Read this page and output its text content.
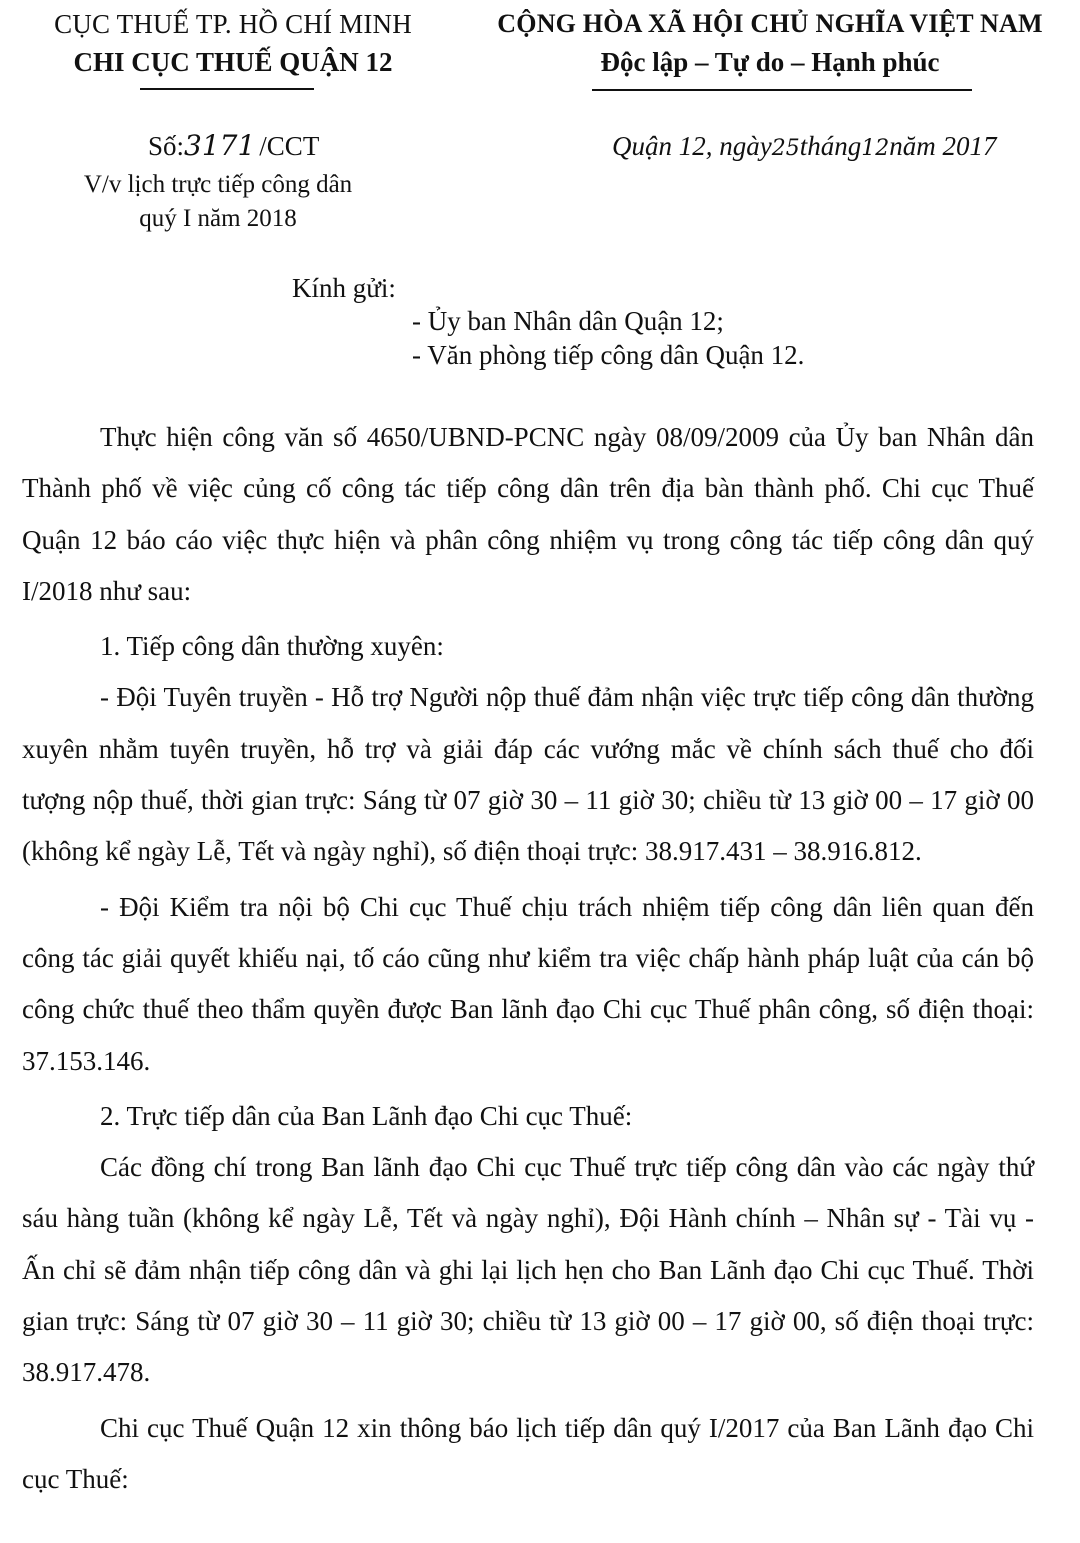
CỤC THUẾ TP. HỒ CHÍ MINH
CHI CỤC THUẾ QUẬN 12
CỘNG HÒA XÃ HỘI CHỦ NGHĨA VIỆT NAM
Độc lập – Tự do – Hạnh phúc
Số:3171 /CCT
V/v lịch trực tiếp công dân
quý I năm 2018
Quận 12, ngày25tháng12năm 2017
Kính gửi:
- Ủy ban Nhân dân Quận 12;
- Văn phòng tiếp công dân Quận 12.

Thực hiện công văn số 4650/UBND-PCNC ngày 08/09/2009 của Ủy ban Nhân dân Thành phố về việc củng cố công tác tiếp công dân trên địa bàn thành phố. Chi cục Thuế Quận 12 báo cáo việc thực hiện và phân công nhiệm vụ trong công tác tiếp công dân quý I/2018 như sau:

1. Tiếp công dân thường xuyên:

- Đội Tuyên truyền - Hỗ trợ Người nộp thuế đảm nhận việc trực tiếp công dân thường xuyên nhằm tuyên truyền, hỗ trợ và giải đáp các vướng mắc về chính sách thuế cho đối tượng nộp thuế, thời gian trực: Sáng từ 07 giờ 30 – 11 giờ 30; chiều từ 13 giờ 00 – 17 giờ 00 (không kể ngày Lễ, Tết và ngày nghỉ), số điện thoại trực: 38.917.431 – 38.916.812.

- Đội Kiểm tra nội bộ Chi cục Thuế chịu trách nhiệm tiếp công dân liên quan đến công tác giải quyết khiếu nại, tố cáo cũng như kiểm tra việc chấp hành pháp luật của cán bộ công chức thuế theo thẩm quyền được Ban lãnh đạo Chi cục Thuế phân công, số điện thoại: 37.153.146.

2. Trực tiếp dân của Ban Lãnh đạo Chi cục Thuế:

Các đồng chí trong Ban lãnh đạo Chi cục Thuế trực tiếp công dân vào các ngày thứ sáu hàng tuần (không kể ngày Lễ, Tết và ngày nghỉ), Đội Hành chính – Nhân sự - Tài vụ - Ấn chỉ sẽ đảm nhận tiếp công dân và ghi lại lịch hẹn cho Ban Lãnh đạo Chi cục Thuế. Thời gian trực: Sáng từ 07 giờ 30 – 11 giờ 30; chiều từ 13 giờ 00 – 17 giờ 00, số điện thoại trực: 38.917.478.

Chi cục Thuế Quận 12 xin thông báo lịch tiếp dân quý I/2017 của Ban Lãnh đạo Chi cục Thuế:
